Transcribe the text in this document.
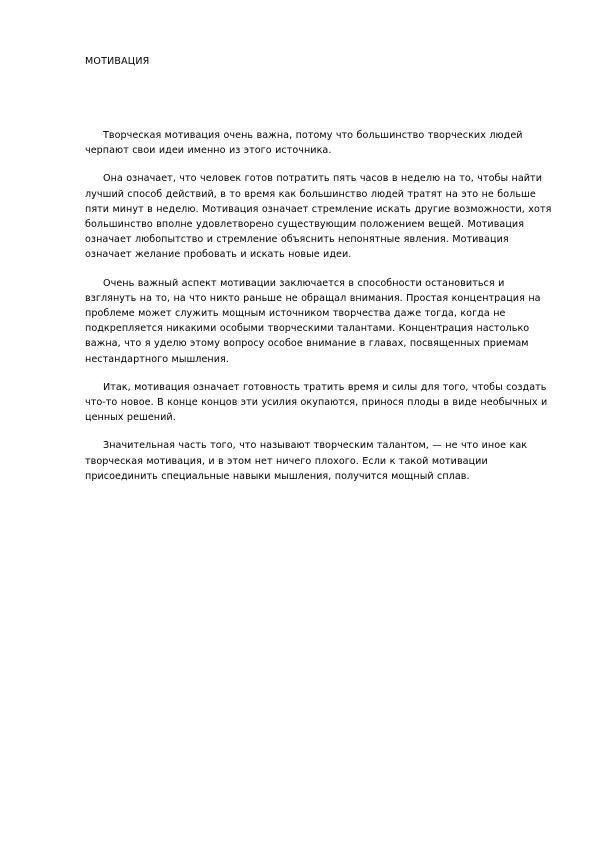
МОТИВАЦИЯ

Творческая мотивация очень важна, потому что большинство творческих людей черпают свои идеи именно из этого источника.

Она означает, что человек готов потратить пять часов в неделю на то, чтобы найти лучший способ действий, в то время как большинство людей тратят на это не больше пяти минут в неделю. Мотивация означает стремление искать другие возможности, хотя большинство вполне удовлетворено существующим положением вещей. Мотивация означает любопытство и стремление объяснить непонятные явления. Мотивация означает желание пробовать и искать новые идеи.

Очень важный аспект мотивации заключается в способности остановиться и взглянуть на то, на что никто раньше не обращал внимания. Простая концентрация на проблеме может служить мощным источником творчества даже тогда, когда не подкрепляется никакими особыми творческими талантами. Концентрация настолько важна, что я уделю этому вопросу особое внимание в главах, посвященных приемам нестандартного мышления.

Итак, мотивация означает готовность тратить время и силы для того, чтобы создать что-то новое. В конце концов эти усилия окупаются, принося плоды в виде необычных и ценных решений.

Значительная часть того, что называют творческим талантом, — не что иное как творческая мотивация, и в этом нет ничего плохого. Если к такой мотивации присоединить специальные навыки мышления, получится мощный сплав.
